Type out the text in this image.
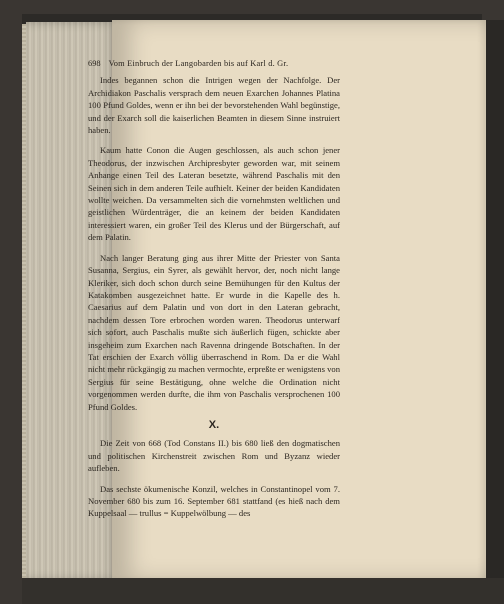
698 Vom Einbruch der Langobarden bis auf Karl d. Gr.

Indes begannen schon die Intrigen wegen der Nachfolge. Der Archidiakon Paschalis versprach dem neuen Exarchen Johannes Platina 100 Pfund Goldes, wenn er ihn bei der bevorstehenden Wahl begünstige, und der Exarch soll die kaiserlichen Beamten in diesem Sinne instruiert haben.

Kaum hatte Conon die Augen geschlossen, als auch schon jener Theodorus, der inzwischen Archipresbyter geworden war, mit seinem Anhange einen Teil des Lateran besetzte, während Paschalis mit den Seinen sich in dem anderen Teile aufhielt. Keiner der beiden Kandidaten wollte weichen. Da versammelten sich die vornehmsten weltlichen und geistlichen Würdenträger, die an keinem der beiden Kandidaten interessiert waren, ein großer Teil des Klerus und der Bürgerschaft, auf dem Palatin.

Nach langer Beratung ging aus ihrer Mitte der Priester von Santa Susanna, Sergius, ein Syrer, als gewählt hervor, der, noch nicht lange Kleriker, sich doch schon durch seine Bemühungen für den Kultus der Katakomben ausgezeichnet hatte. Er wurde in die Kapelle des h. Caesarius auf dem Palatin und von dort in den Lateran gebracht, nachdem dessen Tore erbrochen worden waren. Theodorus unterwarf sich sofort, auch Paschalis mußte sich äußerlich fügen, schickte aber insgeheim zum Exarchen nach Ravenna dringende Botschaften. In der Tat erschien der Exarch völlig überraschend in Rom. Da er die Wahl nicht mehr rückgängig zu machen vermochte, erpreßte er wenigstens von Sergius für seine Bestätigung, ohne welche die Ordination nicht vorgenommen werden durfte, die ihm von Paschalis versprochenen 100 Pfund Goldes.

X.

Die Zeit von 668 (Tod Constans II.) bis 680 ließ den dogmatischen und politischen Kirchenstreit zwischen Rom und Byzanz wieder aufleben.

Das sechste ökumenische Konzil, welches in Constantinopel vom 7. November 680 bis zum 16. September 681 stattfand (es hieß nach dem Kuppelsaal — trullus = Kuppelwölbung — des
